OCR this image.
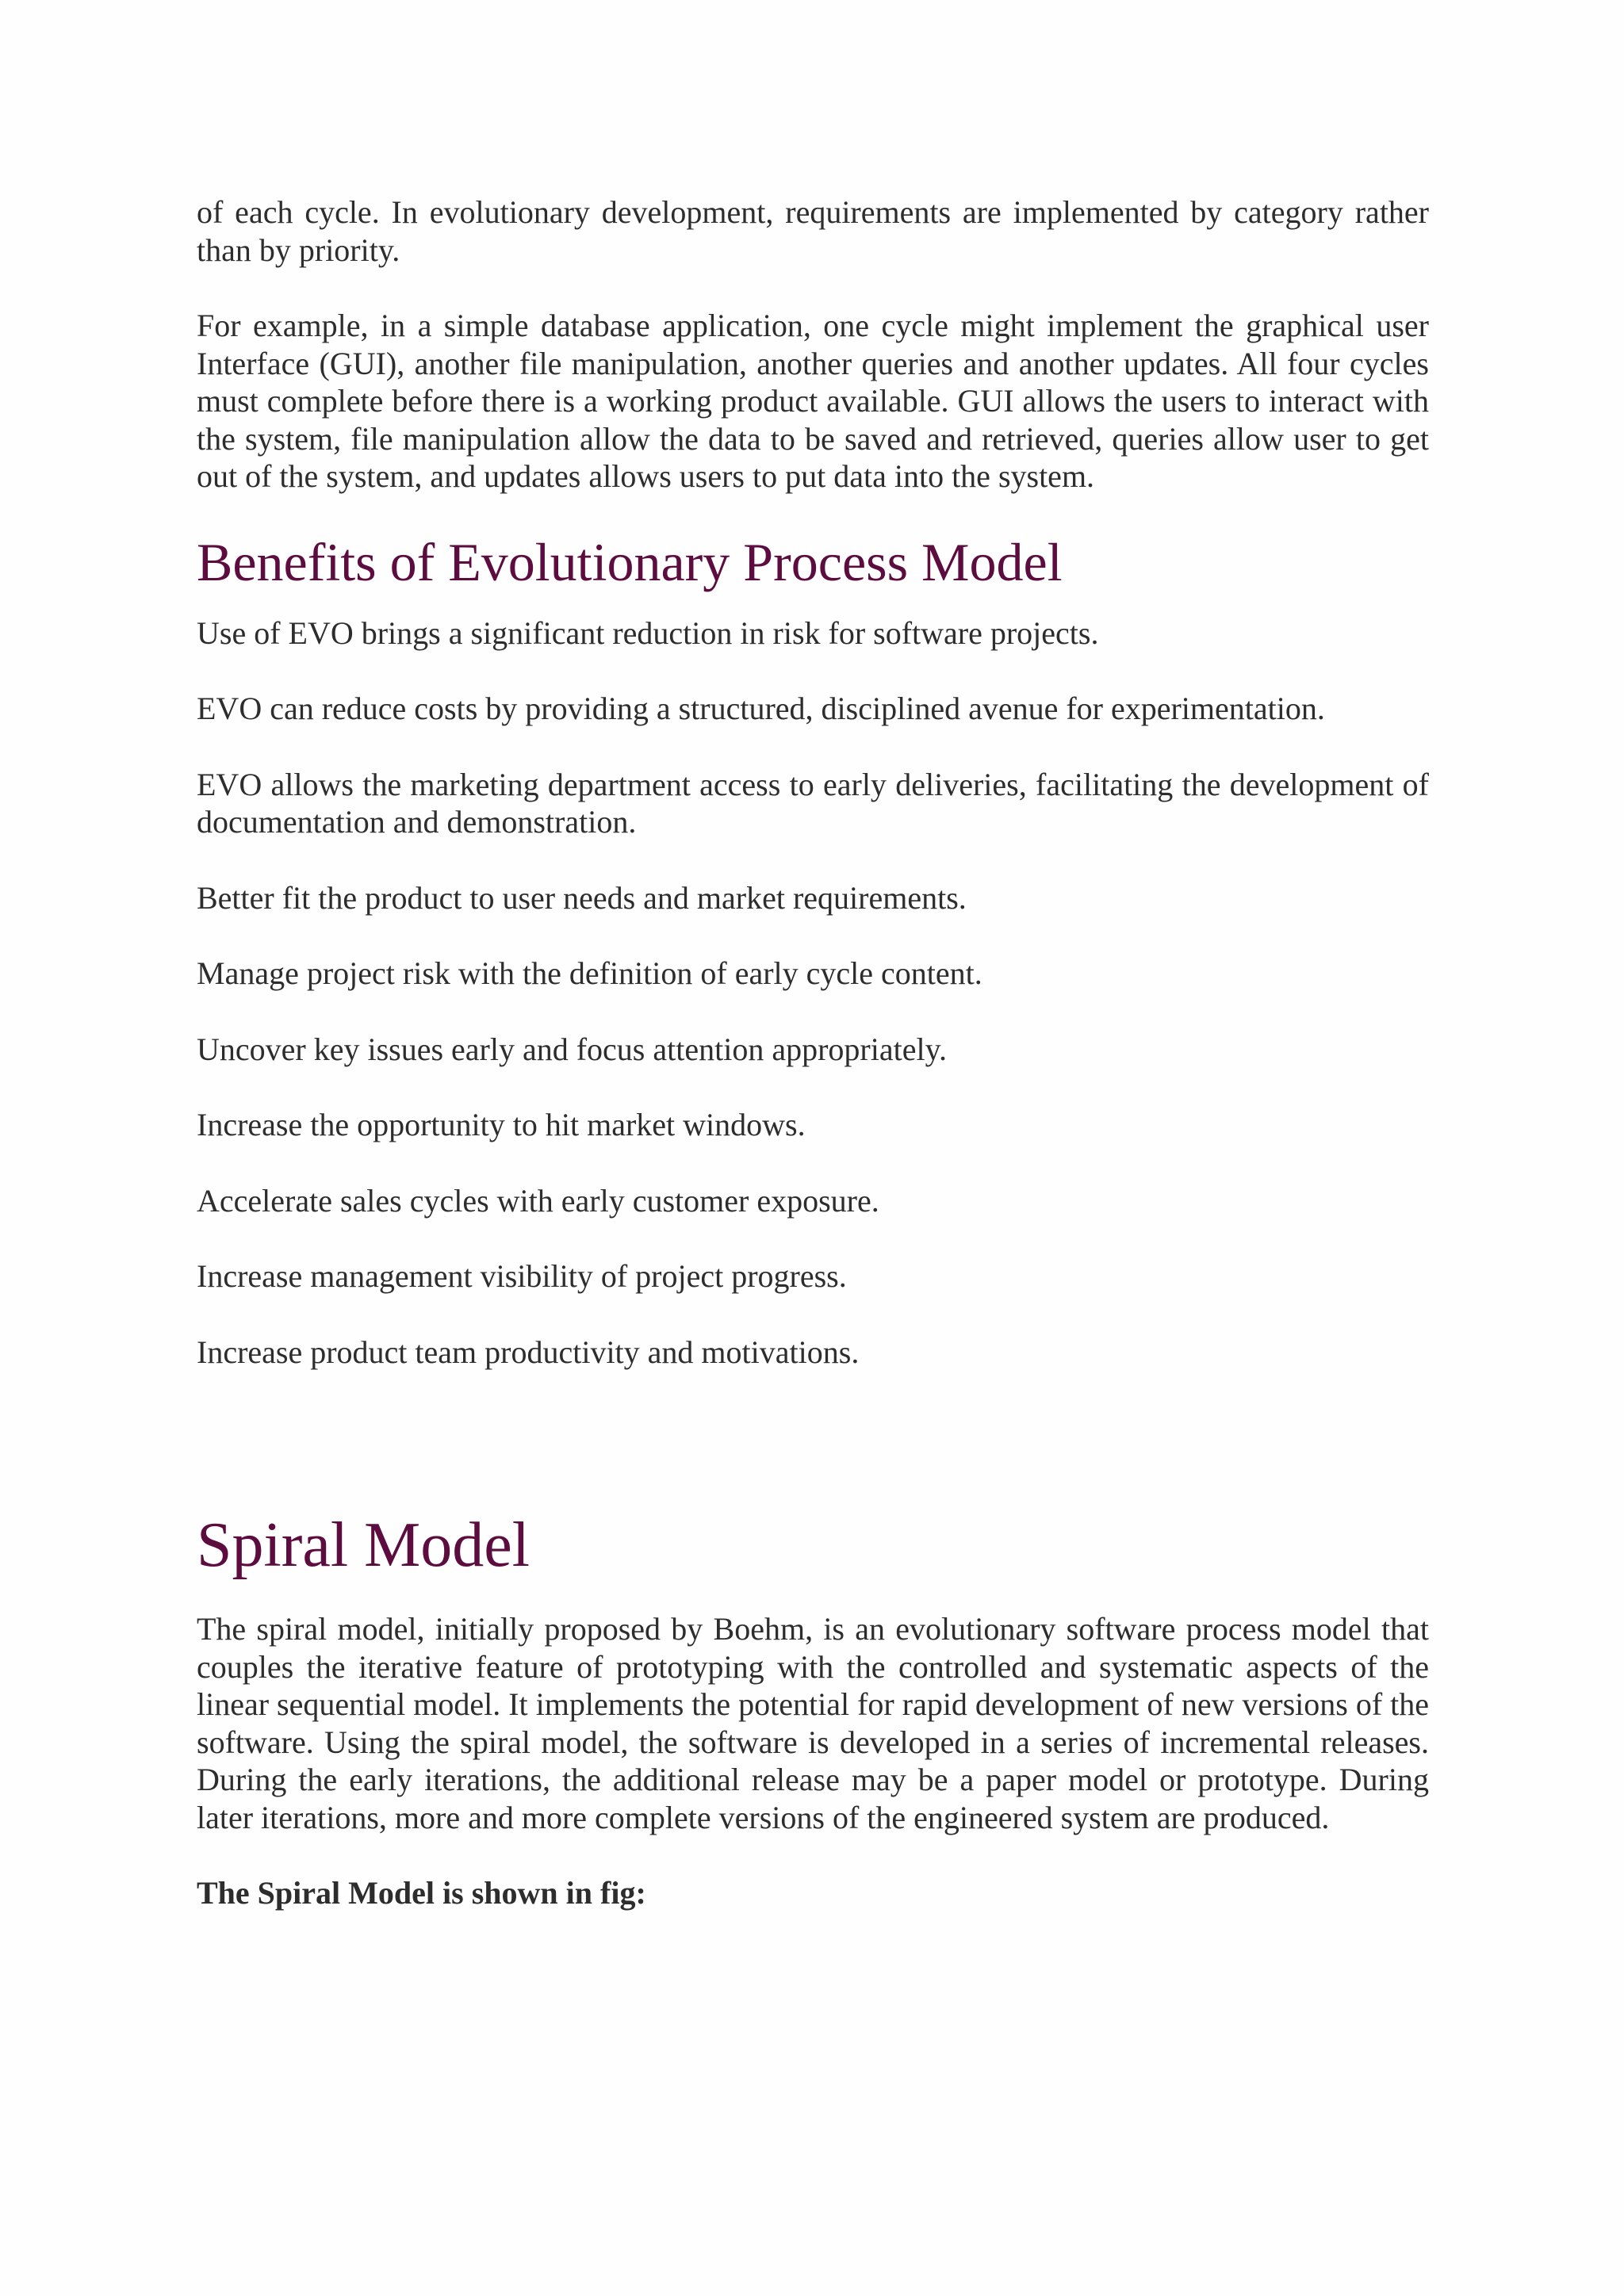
of each cycle. In evolutionary development, requirements are implemented by category rather than by priority.

For example, in a simple database application, one cycle might implement the graphical user Interface (GUI), another file manipulation, another queries and another updates. All four cycles must complete before there is a working product available. GUI allows the users to interact with the system, file manipulation allow the data to be saved and retrieved, queries allow user to get out of the system, and updates allows users to put data into the system.

Benefits of Evolutionary Process Model

Use of EVO brings a significant reduction in risk for software projects.

EVO can reduce costs by providing a structured, disciplined avenue for experimentation.

EVO allows the marketing department access to early deliveries, facilitating the development of documentation and demonstration.

Better fit the product to user needs and market requirements.

Manage project risk with the definition of early cycle content.

Uncover key issues early and focus attention appropriately.

Increase the opportunity to hit market windows.

Accelerate sales cycles with early customer exposure.

Increase management visibility of project progress.

Increase product team productivity and motivations.

Spiral Model

The spiral model, initially proposed by Boehm, is an evolutionary software process model that couples the iterative feature of prototyping with the controlled and systematic aspects of the linear sequential model. It implements the potential for rapid development of new versions of the software. Using the spiral model, the software is developed in a series of incremental releases. During the early iterations, the additional release may be a paper model or prototype. During later iterations, more and more complete versions of the engineered system are produced.

The Spiral Model is shown in fig:
